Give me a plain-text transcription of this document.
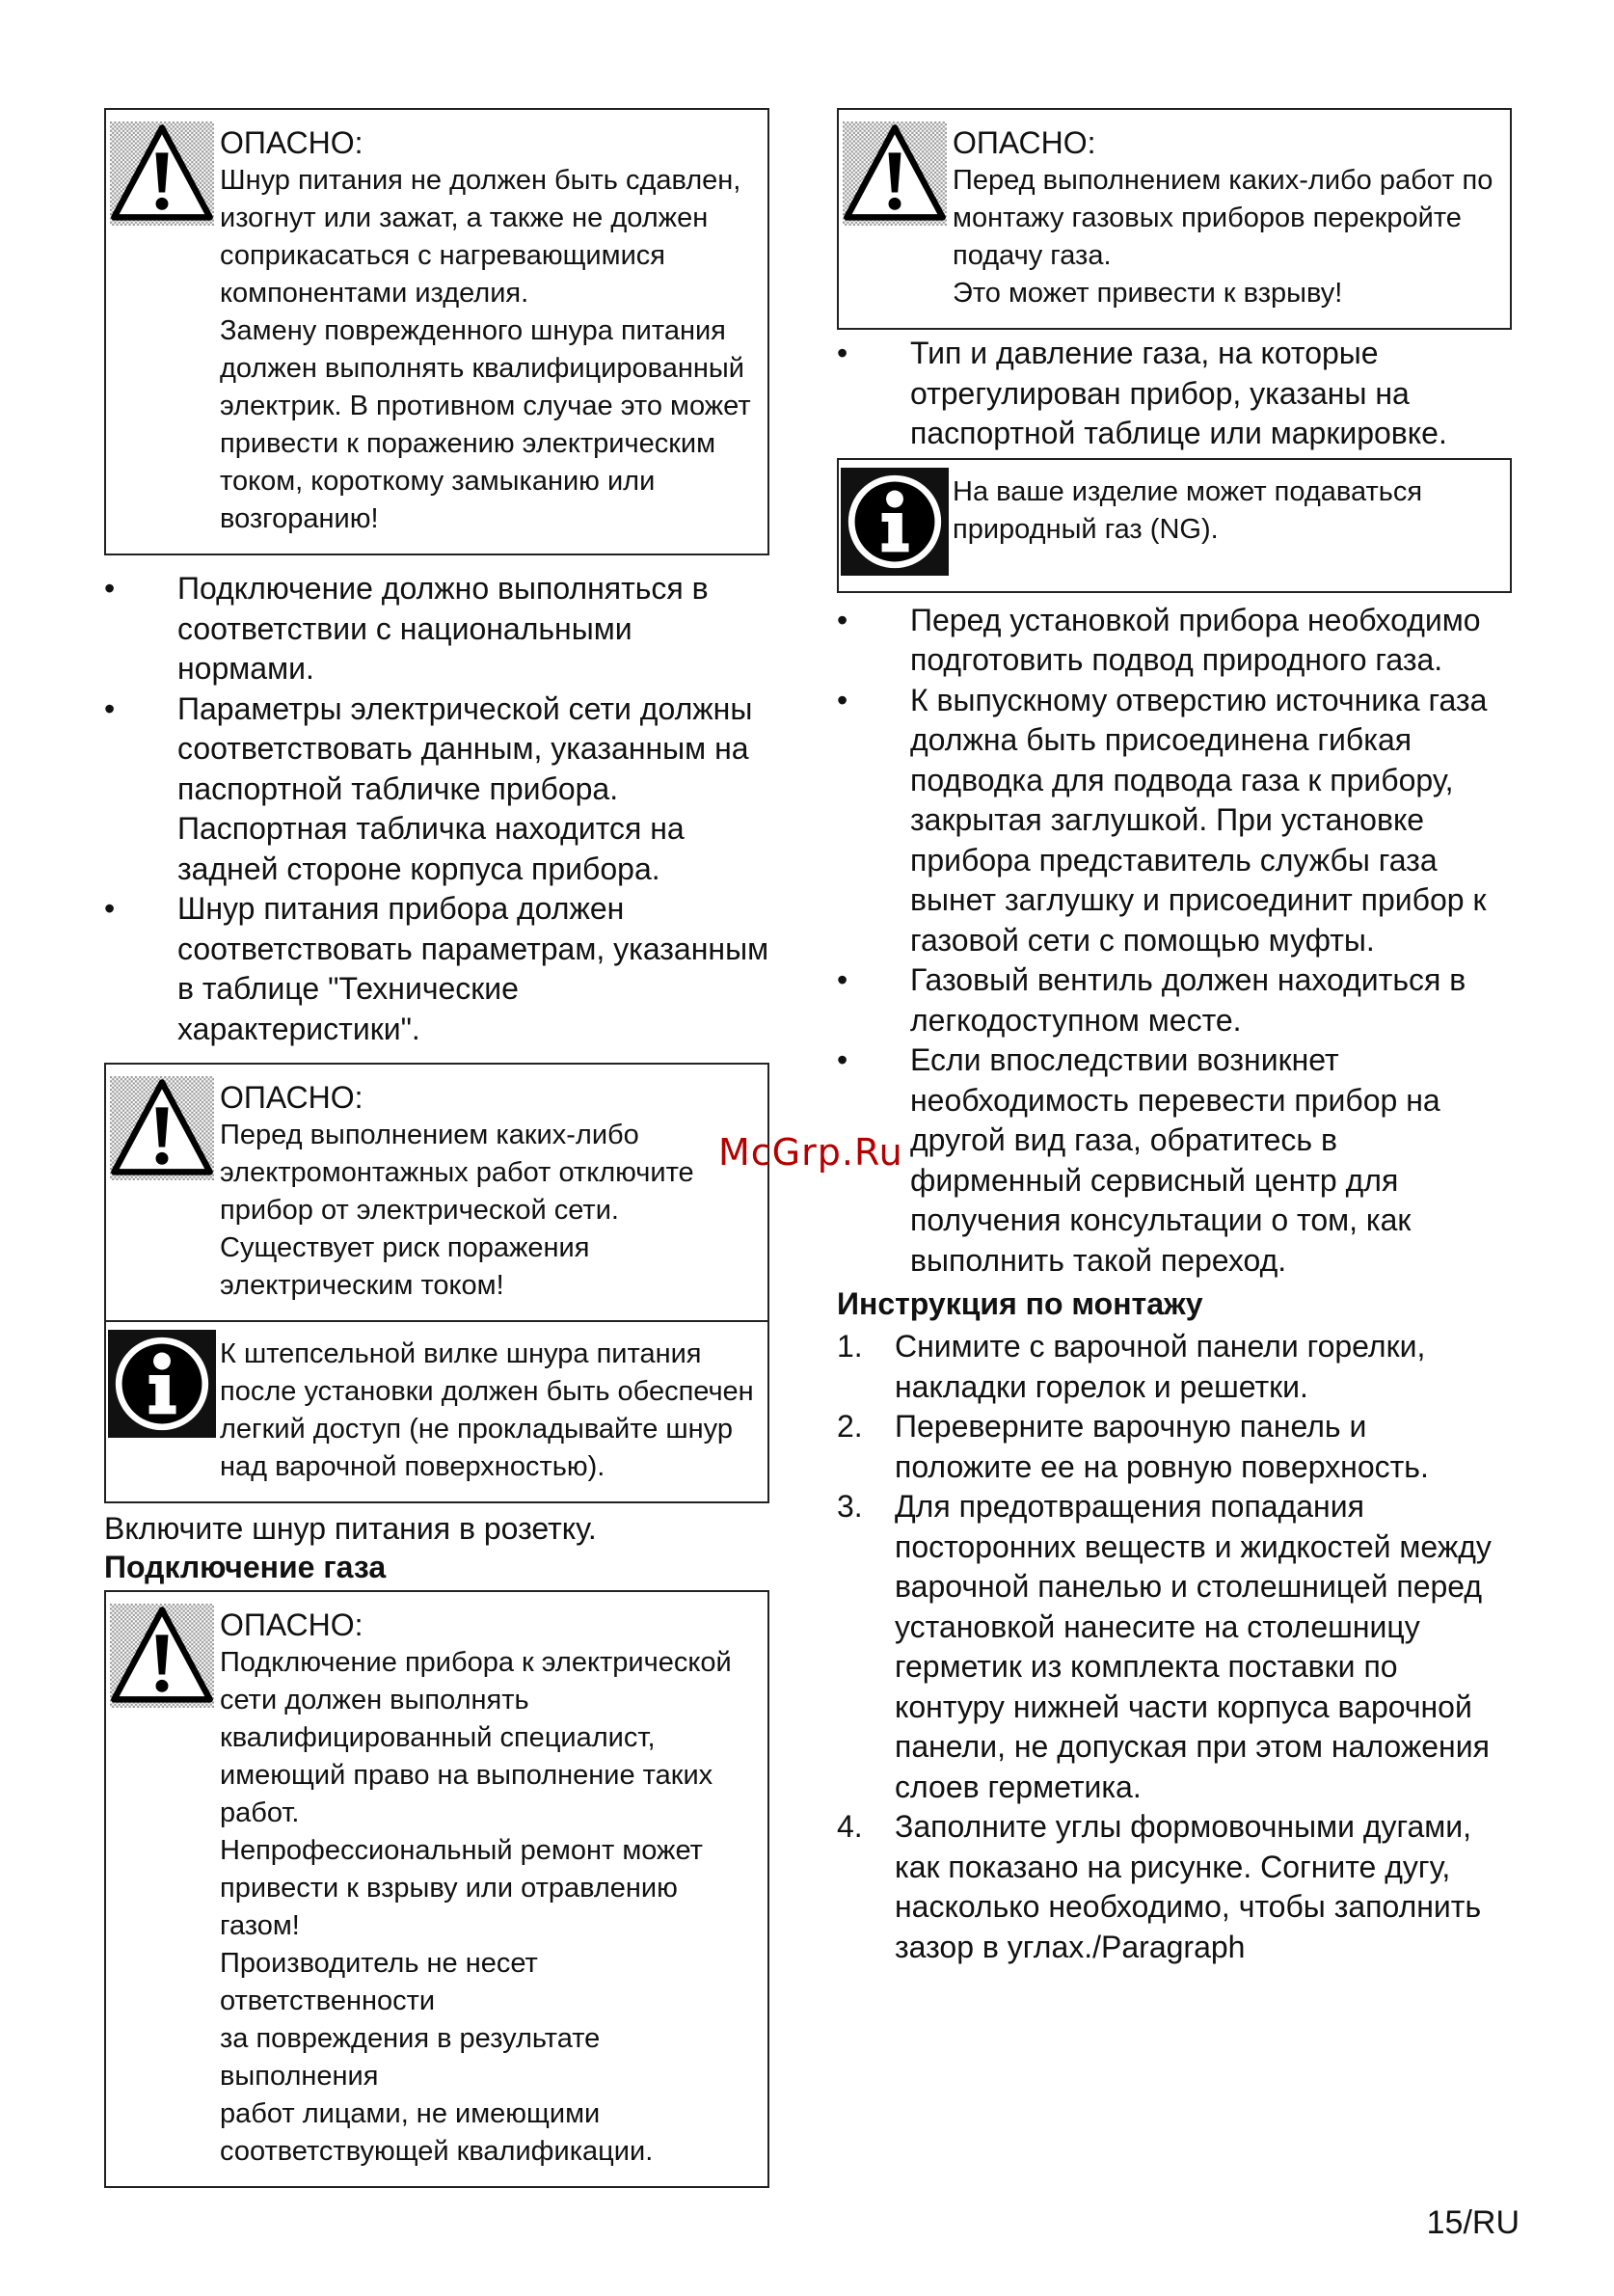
ОПАСНО:
Шнур питания не должен быть сдавлен,
изогнут или зажат, а также не должен
соприкасаться с нагревающимися
компонентами изделия.
Замену поврежденного шнура питания
должен выполнять квалифицированный
электрик. В противном случае это может
привести к поражению электрическим
током, короткому замыканию или
возгоранию!
• Подключение должно выполняться в соответствии с национальными нормами.
• Параметры электрической сети должны соответствовать данным, указанным на паспортной табличке прибора. Паспортная табличка находится на задней стороне корпуса прибора.
• Шнур питания прибора должен соответствовать параметрам, указанным в таблице "Технические характеристики".
ОПАСНО:
Перед выполнением каких-либо
электромонтажных работ отключите
прибор от электрической сети.
Существует риск поражения
электрическим током!
К штепсельной вилке шнура питания
после установки должен быть обеспечен
легкий доступ (не прокладывайте шнур
над варочной поверхностью).
Включите шнур питания в розетку.
Подключение газа
ОПАСНО:
Подключение прибора к электрической
сети должен выполнять
квалифицированный специалист,
имеющий право на выполнение таких
работ.
Непрофессиональный ремонт может
привести к взрыву или отравлению газом!
Производитель не несет ответственности
за повреждения в результате выполнения
работ лицами, не имеющими
соответствующей квалификации.
ОПАСНО:
Перед выполнением каких-либо работ по
монтажу газовых приборов перекройте
подачу газа.
Это может привести к взрыву!
• Тип и давление газа, на которые отрегулирован прибор, указаны на паспортной таблице или маркировке.
На ваше изделие может подаваться
природный газ (NG).
• Перед установкой прибора необходимо подготовить подвод природного газа.
• К выпускному отверстию источника газа должна быть присоединена гибкая подводка для подвода газа к прибору, закрытая заглушкой. При установке прибора представитель службы газа вынет заглушку и присоединит прибор к газовой сети с помощью муфты.
• Газовый вентиль должен находиться в легкодоступном месте.
• Если впоследствии возникнет необходимость перевести прибор на другой вид газа, обратитесь в фирменный сервисный центр для получения консультации о том, как выполнить такой переход.
Инструкция по монтажу
1. Снимите с варочной панели горелки, накладки горелок и решетки.
2. Переверните варочную панель и положите ее на ровную поверхность.
3. Для предотвращения попадания посторонних веществ и жидкостей между варочной панелью и столешницей перед установкой нанесите на столешницу герметик из комплекта поставки по контуру нижней части корпуса варочной панели, не допуская при этом наложения слоев герметика.
4. Заполните углы формовочными дугами, как показано на рисунке. Согните дугу, насколько необходимо, чтобы заполнить зазор в углах./Paragraph
McGrp.Ru
15/RU
